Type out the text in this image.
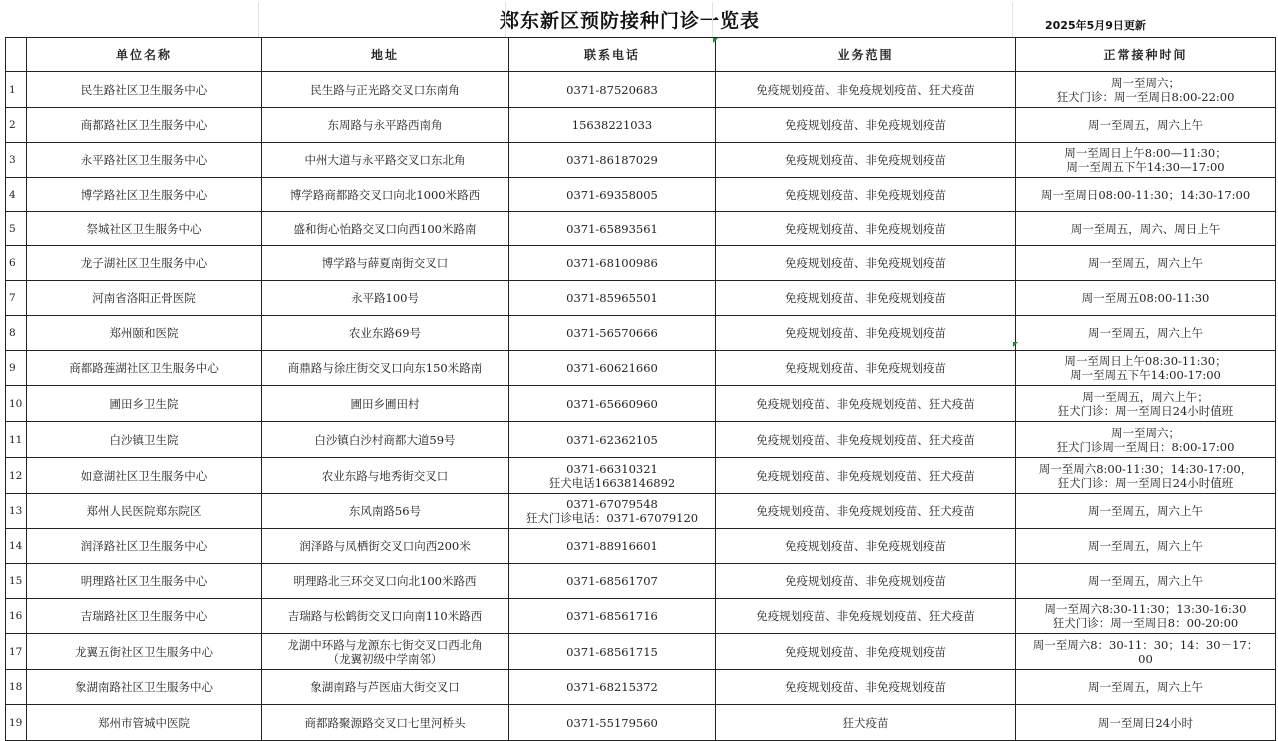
郑东新区预防接种门诊一览表	2025年5月9日更新
	单位名称	地址	联系电话	业务范围	正常接种时间
1	民生路社区卫生服务中心	民生路与正光路交叉口东南角	0371-87520683	免疫规划疫苗、非免疫规划疫苗、狂犬疫苗	周一至周六；
狂犬门诊：周一至周日8:00-22:00

2	商都路社区卫生服务中心	东周路与永平路西南角	15638221033	免疫规划疫苗、非免疫规划疫苗	周一至周五，周六上午

3	永平路社区卫生服务中心	中州大道与永平路交叉口东北角	0371-86187029	免疫规划疫苗、非免疫规划疫苗	周一至周日上午8:00—11:30；
周一至周五下午14:30—17:00

4	博学路社区卫生服务中心	博学路商都路交叉口向北1000米路西	0371-69358005	免疫规划疫苗、非免疫规划疫苗	周一至周日08:00-11:30；14:30-17:00

5	祭城社区卫生服务中心	盛和街心怡路交叉口向西100米路南	0371-65893561	免疫规划疫苗、非免疫规划疫苗	周一至周五，周六、周日上午

6	龙子湖社区卫生服务中心	博学路与薛夏南街交叉口	0371-68100986	免疫规划疫苗、非免疫规划疫苗	周一至周五，周六上午

7	河南省洛阳正骨医院	永平路100号	0371-85965501	免疫规划疫苗、非免疫规划疫苗	周一至周五08:00-11:30

8	郑州颐和医院	农业东路69号	0371-56570666	免疫规划疫苗、非免疫规划疫苗	周一至周五，周六上午

9	商都路莲湖社区卫生服务中心	商鼎路与徐庄街交叉口向东150米路南	0371-60621660	免疫规划疫苗、非免疫规划疫苗	周一至周日上午08:30-11:30；
周一至周五下午14:00-17:00

10	圃田乡卫生院	圃田乡圃田村	0371-65660960	免疫规划疫苗、非免疫规划疫苗、狂犬疫苗	周一至周五，周六上午；
狂犬门诊：周一至周日24小时值班

11	白沙镇卫生院	白沙镇白沙村商都大道59号	0371-62362105	免疫规划疫苗、非免疫规划疫苗、狂犬疫苗	周一至周六；
狂犬门诊周一至周日：8:00-17:00

12	如意湖社区卫生服务中心	农业东路与地秀街交叉口	0371-66310321
狂犬电话16638146892	免疫规划疫苗、非免疫规划疫苗、狂犬疫苗	周一至周六8:00-11:30；14:30-17:00，
狂犬门诊：周一至周日24小时值班

13	郑州人民医院郑东院区	东风南路56号	0371-67079548
狂犬门诊电话：0371-67079120	免疫规划疫苗、非免疫规划疫苗、狂犬疫苗	周一至周五，周六上午

14	润泽路社区卫生服务中心	润泽路与凤栖街交叉口向西200米	0371-88916601	免疫规划疫苗、非免疫规划疫苗	周一至周五，周六上午

15	明理路社区卫生服务中心	明理路北三环交叉口向北100米路西	0371-68561707	免疫规划疫苗、非免疫规划疫苗	周一至周五，周六上午

16	吉瑞路社区卫生服务中心	吉瑞路与松鹤街交叉口向南110米路西	0371-68561716	免疫规划疫苗、非免疫规划疫苗、狂犬疫苗	周一至周六8:30-11:30；13:30-16:30
狂犬门诊：周一至周日8：00-20:00

17	龙翼五街社区卫生服务中心	龙湖中环路与龙源东七街交叉口西北角
（龙翼初级中学南邻）	0371-68561715	免疫规划疫苗、非免疫规划疫苗	周一至周六8：30-11：30；14：30－17：
00

18	象湖南路社区卫生服务中心	象湖南路与芦医庙大街交叉口	0371-68215372	免疫规划疫苗、非免疫规划疫苗	周一至周五，周六上午

19	郑州市管城中医院	商都路聚源路交叉口七里河桥头	0371-55179560	狂犬疫苗	周一至周日24小时
